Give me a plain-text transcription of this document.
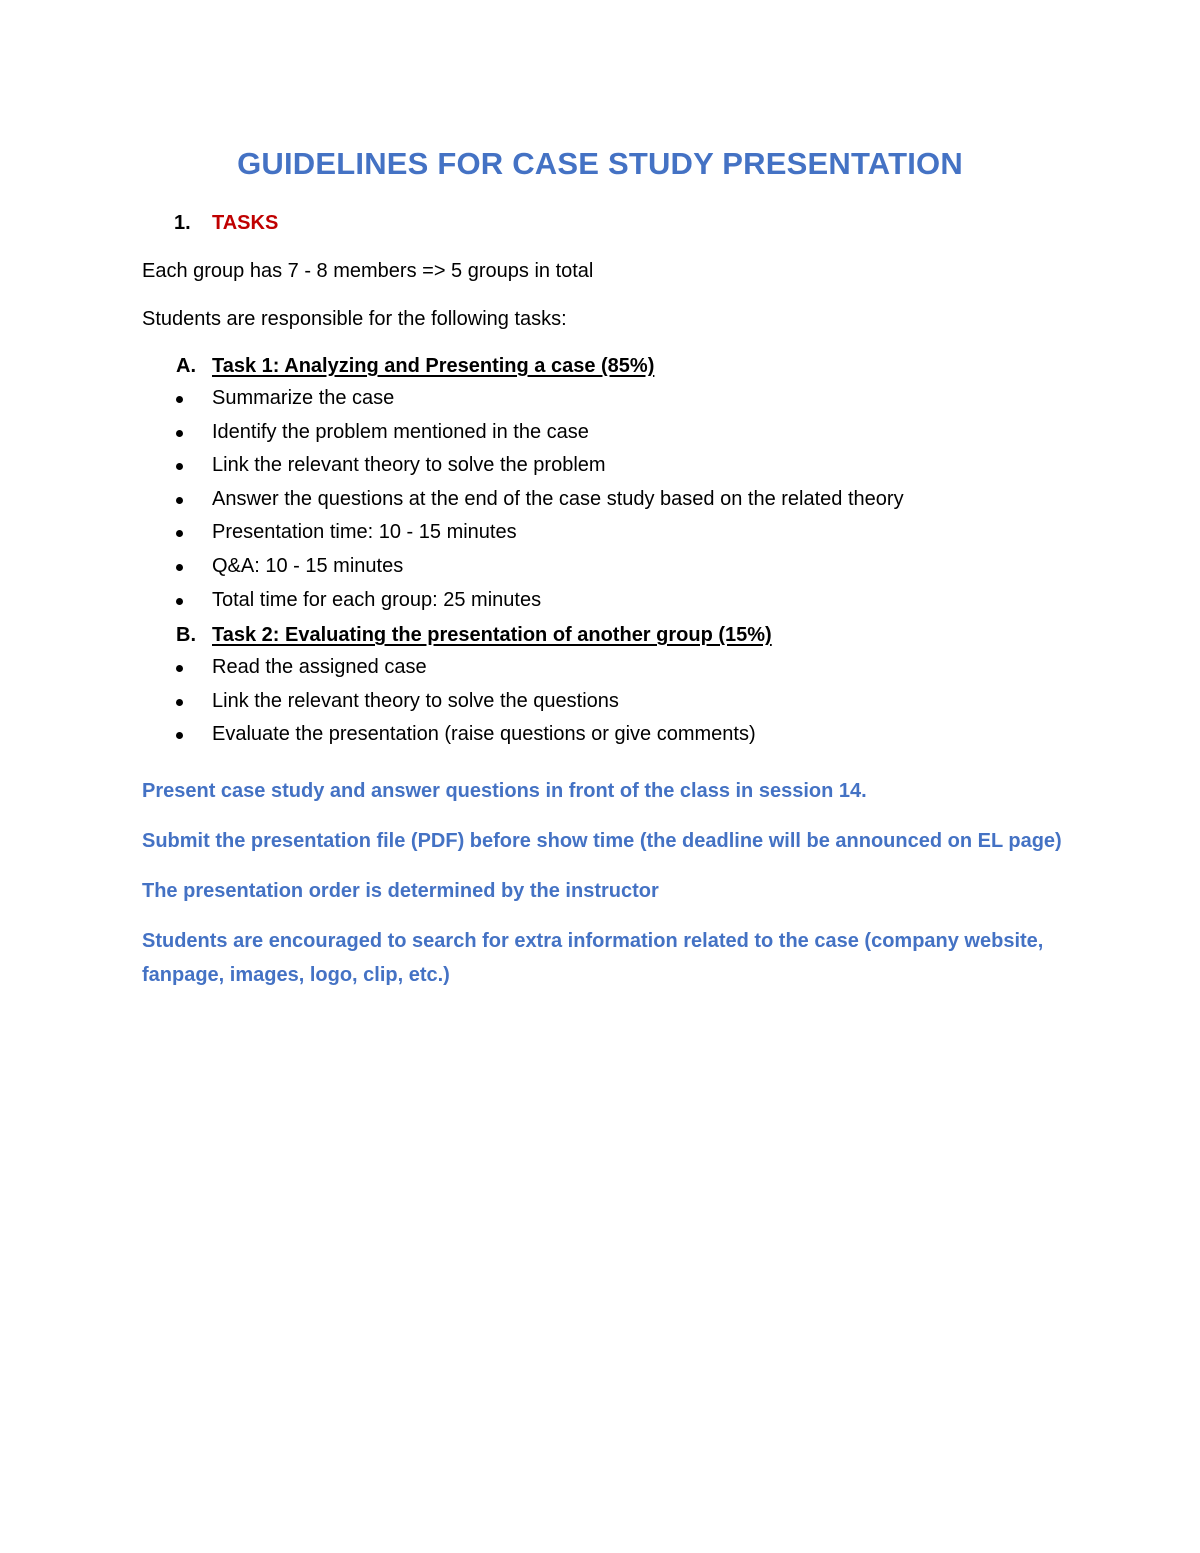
GUIDELINES FOR CASE STUDY PRESENTATION
1. TASKS

Each group has 7 - 8 members => 5 groups in total

Students are responsible for the following tasks:

A. Task 1: Analyzing and Presenting a case (85%)
Summarize the case
Identify the problem mentioned in the case
Link the relevant theory to solve the problem
Answer the questions at the end of the case study based on the related theory
Presentation time: 10 - 15 minutes
Q&A: 10 - 15 minutes
Total time for each group: 25 minutes
B. Task 2: Evaluating the presentation of another group (15%)
Read the assigned case
Link the relevant theory to solve the questions
Evaluate the presentation (raise questions or give comments)

Present case study and answer questions in front of the class in session 14.

Submit the presentation file (PDF) before show time (the deadline will be announced on EL page)

The presentation order is determined by the instructor

Students are encouraged to search for extra information related to the case (company website, fanpage, images, logo, clip, etc.)
